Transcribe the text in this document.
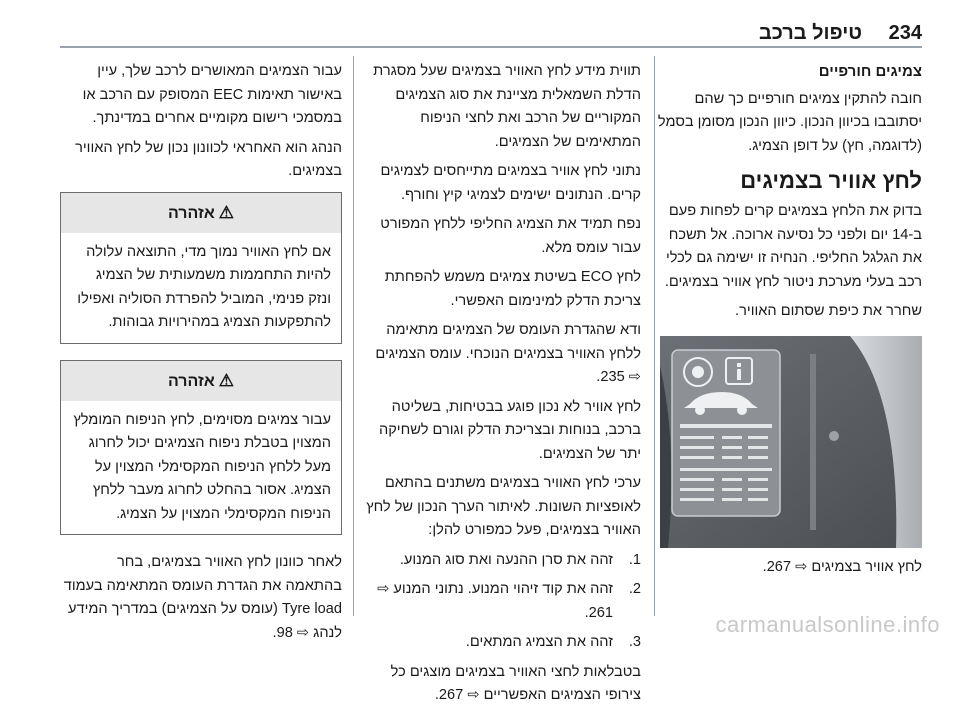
234
טיפול ברכב
צמיגים חורפיים

חובה להתקין צמיגים חורפיים כך שהם יסתובבו בכיוון הנכון. כיוון הנכון מסומן בסמל (לדוגמה, חץ) על דופן הצמיג.

לחץ אוויר בצמיגים

בדוק את הלחץ בצמיגים קרים לפחות פעם ב-14 יום ולפני כל נסיעה ארוכה. אל תשכח את הגלגל החליפי. הנחיה זו ישימה גם לכלי רכב בעלי מערכת ניטור לחץ אוויר בצמיגים.

שחרר את כיפת שסתום האוויר.

לחץ אוויר בצמיגים ⇨ 267.

תווית מידע לחץ האוויר בצמיגים שעל מסגרת הדלת השמאלית מציינת את סוג הצמיגים המקוריים של הרכב ואת לחצי הניפוח המתאימים של הצמיגים.

נתוני לחץ אוויר בצמיגים מתייחסים לצמיגים קרים. הנתונים ישימים לצמיגי קיץ וחורף.

נפח תמיד את הצמיג החליפי ללחץ המפורט עבור עומס מלא.

לחץ ECO בשיטת צמיגים משמש להפחתת צריכת הדלק למינימום האפשרי.

ודא שהגדרת העומס של הצמיגים מתאימה ללחץ האוויר בצמיגים הנוכחי. עומס הצמיגים ⇨ 235.

לחץ אוויר לא נכון פוגע בבטיחות, בשליטה ברכב, בנוחות ובצריכת הדלק וגורם לשחיקה יתר של הצמיגים.

ערכי לחץ האוויר בצמיגים משתנים בהתאם לאופציות השונות. לאיתור הערך הנכון של לחץ האוויר בצמיגים, פעל כמפורט להלן:

1.
זהה את סרן ההנעה ואת סוג המנוע.
2.
זהה את קוד זיהוי המנוע. נתוני המנוע ⇨ 261.
3.
זהה את הצמיג המתאים.

בטבלאות לחצי האוויר בצמיגים מוצגים כל צירופי הצמיגים האפשריים ⇨ 267.

עבור הצמיגים המאושרים לרכב שלך, עיין באישור תאימות EEC המסופק עם הרכב או במסמכי רישום מקומיים אחרים במדינתך.

הנהג הוא האחראי לכוונון נכון של לחץ האוויר בצמיגים.

⚠אזהרה
אם לחץ האוויר נמוך מדי, התוצאה עלולה להיות התחממות משמעותית של הצמיג ונזק פנימי, המוביל להפרדת הסוליה ואפילו להתפקעות הצמיג במהירויות גבוהות.
⚠אזהרה
עבור צמיגים מסוימים, לחץ הניפוח המומלץ המצוין בטבלת ניפוח הצמיגים יכול לחרוג מעל ללחץ הניפוח המקסימלי המצוין על הצמיג. אסור בהחלט לחרוג מעבר ללחץ הניפוח המקסימלי המצוין על הצמיג.

לאחר כוונון לחץ האוויר בצמיגים, בחר בהתאמה את הגדרת העומס המתאימה בעמוד Tyre load (עומס על הצמיגים) במדריך המידע לנהג ⇨ 98.	carmanualsonline.info
